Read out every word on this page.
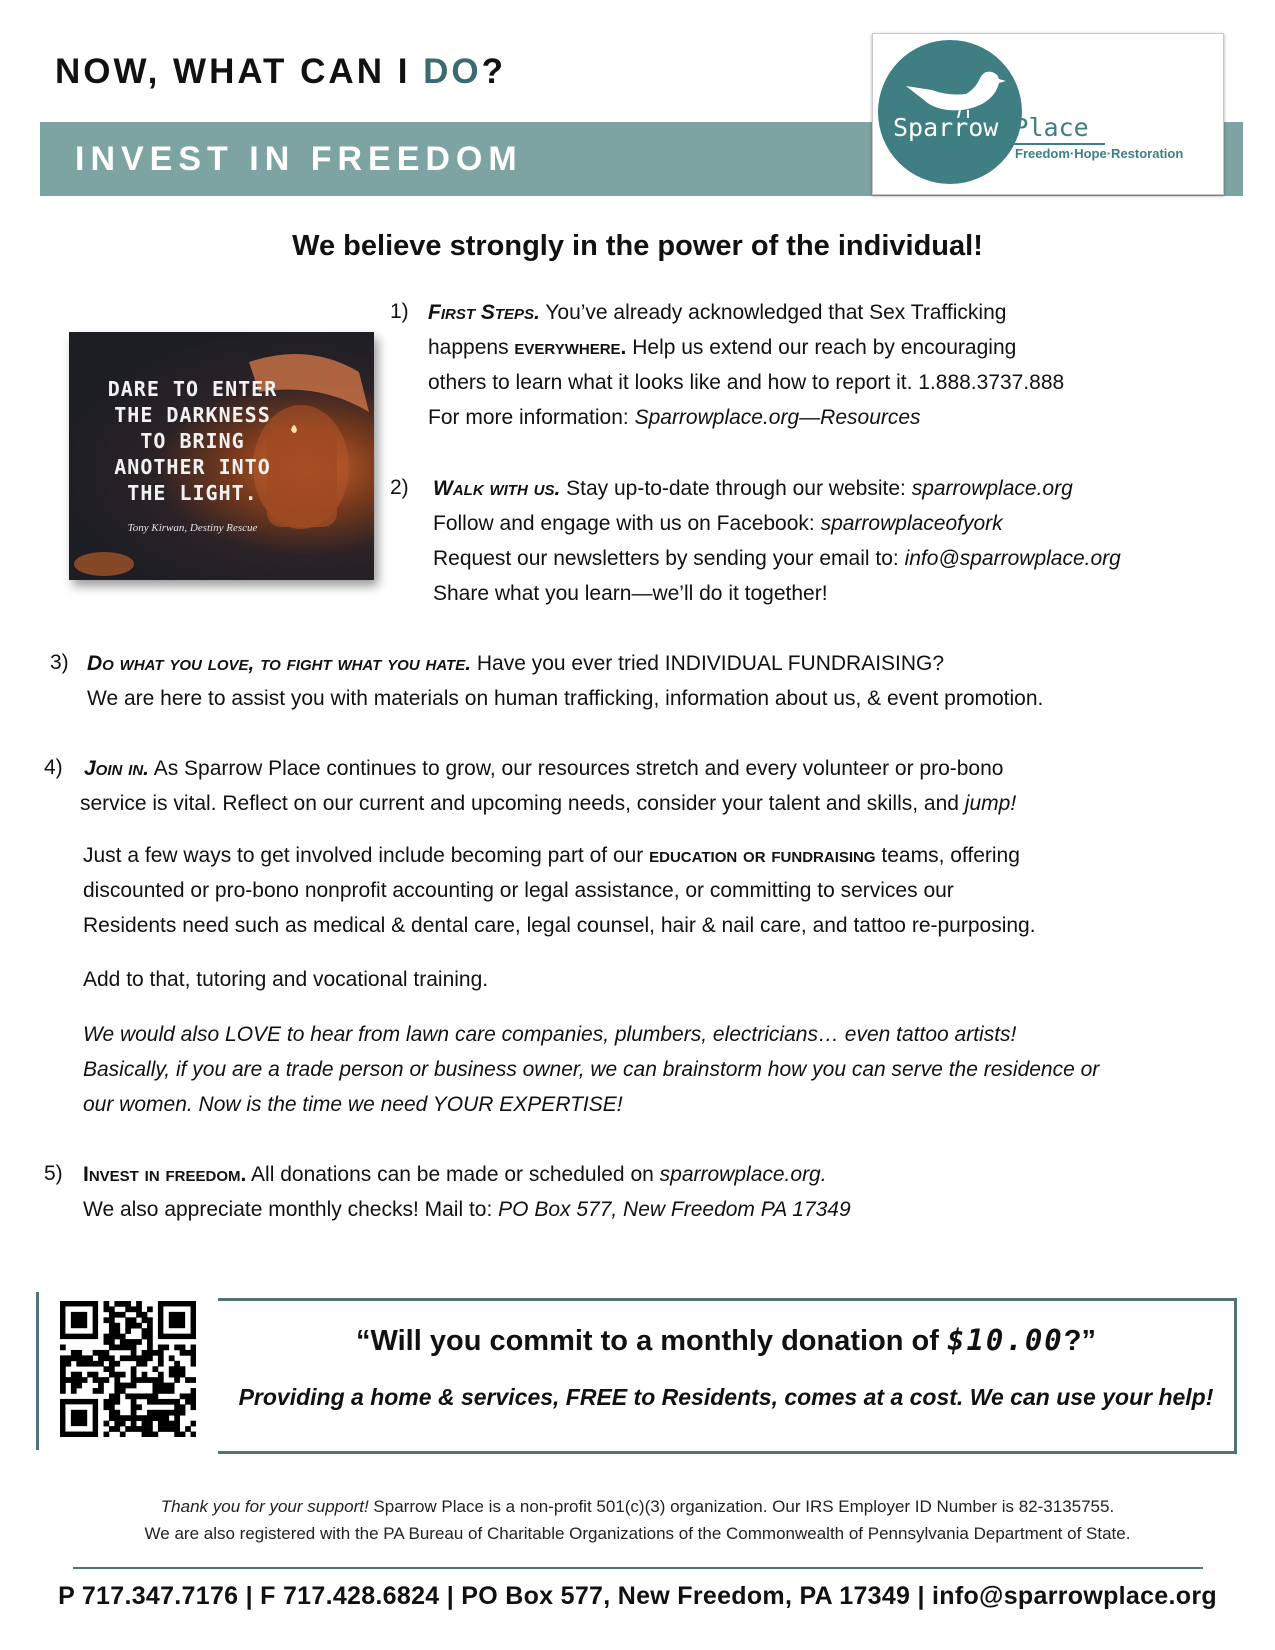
NOW, WHAT CAN I DO?
INVEST IN FREEDOM
Sparrow Place
Freedom·Hope·Restoration
We believe strongly in the power of the individual!
DARE TO ENTER
THE DARKNESS
TO BRING
ANOTHER INTO
THE LIGHT.
Tony Kirwan, Destiny Rescue
1) First Steps. You’ve already acknowledged that Sex Trafficking
happens everywhere. Help us extend our reach by encouraging
others to learn what it looks like and how to report it. 1.888.3737.888
For more information: Sparrowplace.org—Resources
2) Walk with us. Stay up-to-date through our website: sparrowplace.org
Follow and engage with us on Facebook: sparrowplaceofyork
Request our newsletters by sending your email to: info@sparrowplace.org
Share what you learn—we’ll do it together!
3) Do what you love, to fight what you hate. Have you ever tried INDIVIDUAL FUNDRAISING?
We are here to assist you with materials on human trafficking, information about us, & event promotion.
4) Join in. As Sparrow Place continues to grow, our resources stretch and every volunteer or pro-bono
service is vital. Reflect on our current and upcoming needs, consider your talent and skills, and jump!
Just a few ways to get involved include becoming part of our education or fundraising teams, offering
discounted or pro-bono nonprofit accounting or legal assistance, or committing to services our
Residents need such as medical & dental care, legal counsel, hair & nail care, and tattoo re-purposing.
Add to that, tutoring and vocational training.
We would also LOVE to hear from lawn care companies, plumbers, electricians… even tattoo artists!
Basically, if you are a trade person or business owner, we can brainstorm how you can serve the residence or
our women. Now is the time we need YOUR EXPERTISE!
5) Invest in freedom. All donations can be made or scheduled on sparrowplace.org.
We also appreciate monthly checks! Mail to: PO Box 577, New Freedom PA 17349
“Will you commit to a monthly donation of $10.00?”
Providing a home & services, FREE to Residents, comes at a cost. We can use your help!
Thank you for your support! Sparrow Place is a non-profit 501(c)(3) organization. Our IRS Employer ID Number is 82-3135755.
We are also registered with the PA Bureau of Charitable Organizations of the Commonwealth of Pennsylvania Department of State.
P 717.347.7176 | F 717.428.6824 | PO Box 577, New Freedom, PA 17349 | info@sparrowplace.org
